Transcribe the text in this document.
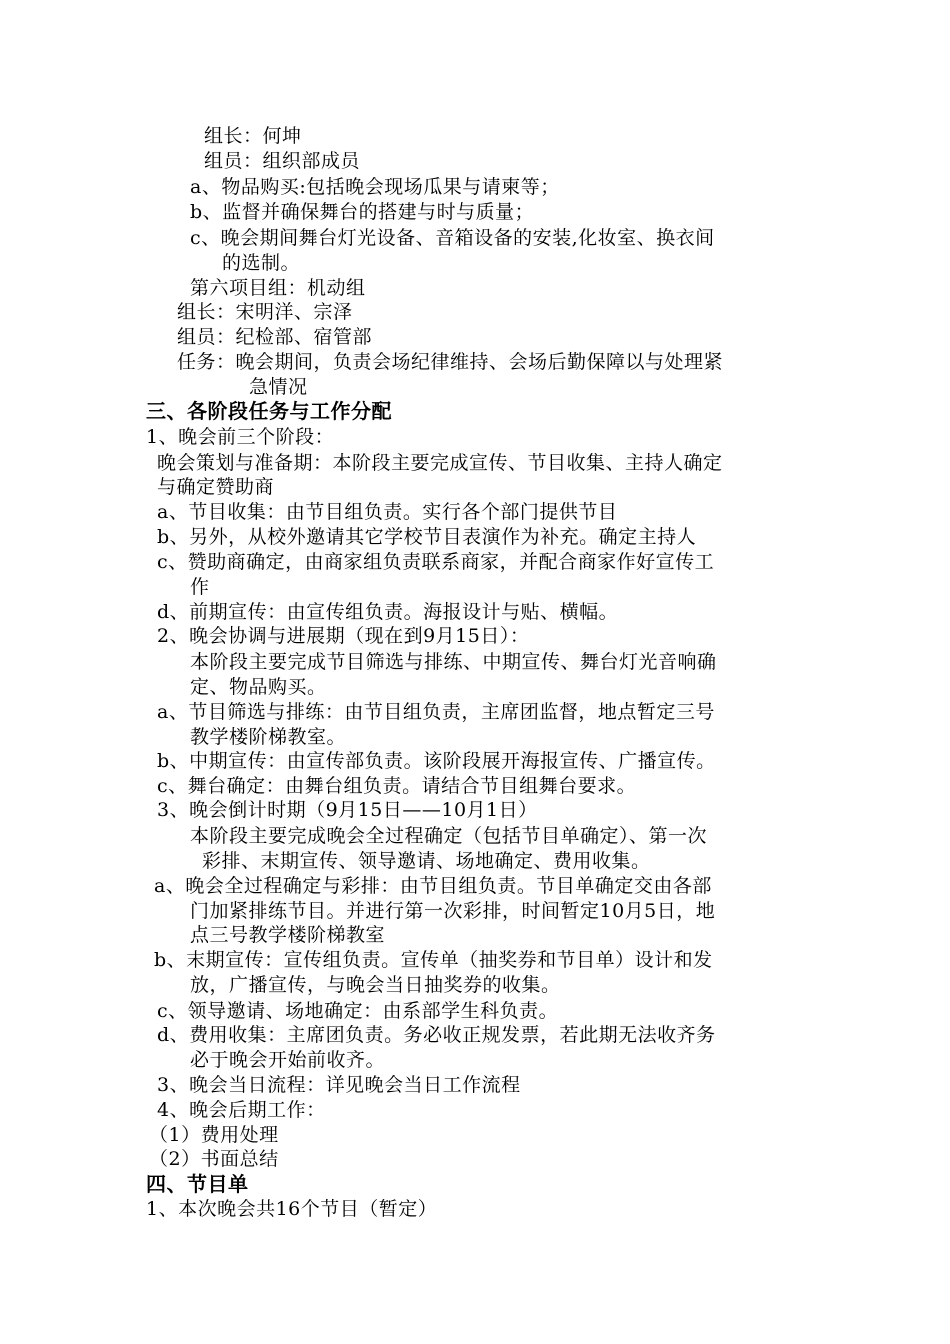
组长：何坤
组员：组织部成员
a、物品购买:包括晚会现场瓜果与请柬等；
b、监督并确保舞台的搭建与时与质量；
c、晚会期间舞台灯光设备、音箱设备的安装,化妆室、换衣间
的选制。
第六项目组：机动组
组长：宋明洋、宗泽
组员：纪检部、宿管部
任务：晚会期间，负责会场纪律维持、会场后勤保障以与处理紧
急情况
三、各阶段任务与工作分配
1、晚会前三个阶段：
晚会策划与准备期：本阶段主要完成宣传、节目收集、主持人确定
与确定赞助商
a、节目收集：由节目组负责。实行各个部门提供节目
b、另外，从校外邀请其它学校节目表演作为补充。确定主持人
c、赞助商确定，由商家组负责联系商家，并配合商家作好宣传工
作
d、前期宣传：由宣传组负责。海报设计与贴、横幅。
2、晚会协调与进展期（现在到9月15日）：
本阶段主要完成节目筛选与排练、中期宣传、舞台灯光音响确
定、物品购买。
a、节目筛选与排练：由节目组负责，主席团监督，地点暂定三号
教学楼阶梯教室。
b、中期宣传：由宣传部负责。该阶段展开海报宣传、广播宣传。
c、舞台确定：由舞台组负责。请结合节目组舞台要求。
3、晚会倒计时期（9月15日——10月1日）
本阶段主要完成晚会全过程确定（包括节目单确定）、第一次
彩排、末期宣传、领导邀请、场地确定、费用收集。
a、晚会全过程确定与彩排：由节目组负责。节目单确定交由各部
门加紧排练节目。并进行第一次彩排，时间暂定10月5日，地
点三号教学楼阶梯教室
b、末期宣传：宣传组负责。宣传单（抽奖券和节目单）设计和发
放，广播宣传，与晚会当日抽奖券的收集。
c、领导邀请、场地确定：由系部学生科负责。
d、费用收集：主席团负责。务必收正规发票，若此期无法收齐务
必于晚会开始前收齐。
3、晚会当日流程：详见晚会当日工作流程
4、晚会后期工作：
（1）费用处理
（2）书面总结
四、节目单
1、本次晚会共16个节目（暂定）
